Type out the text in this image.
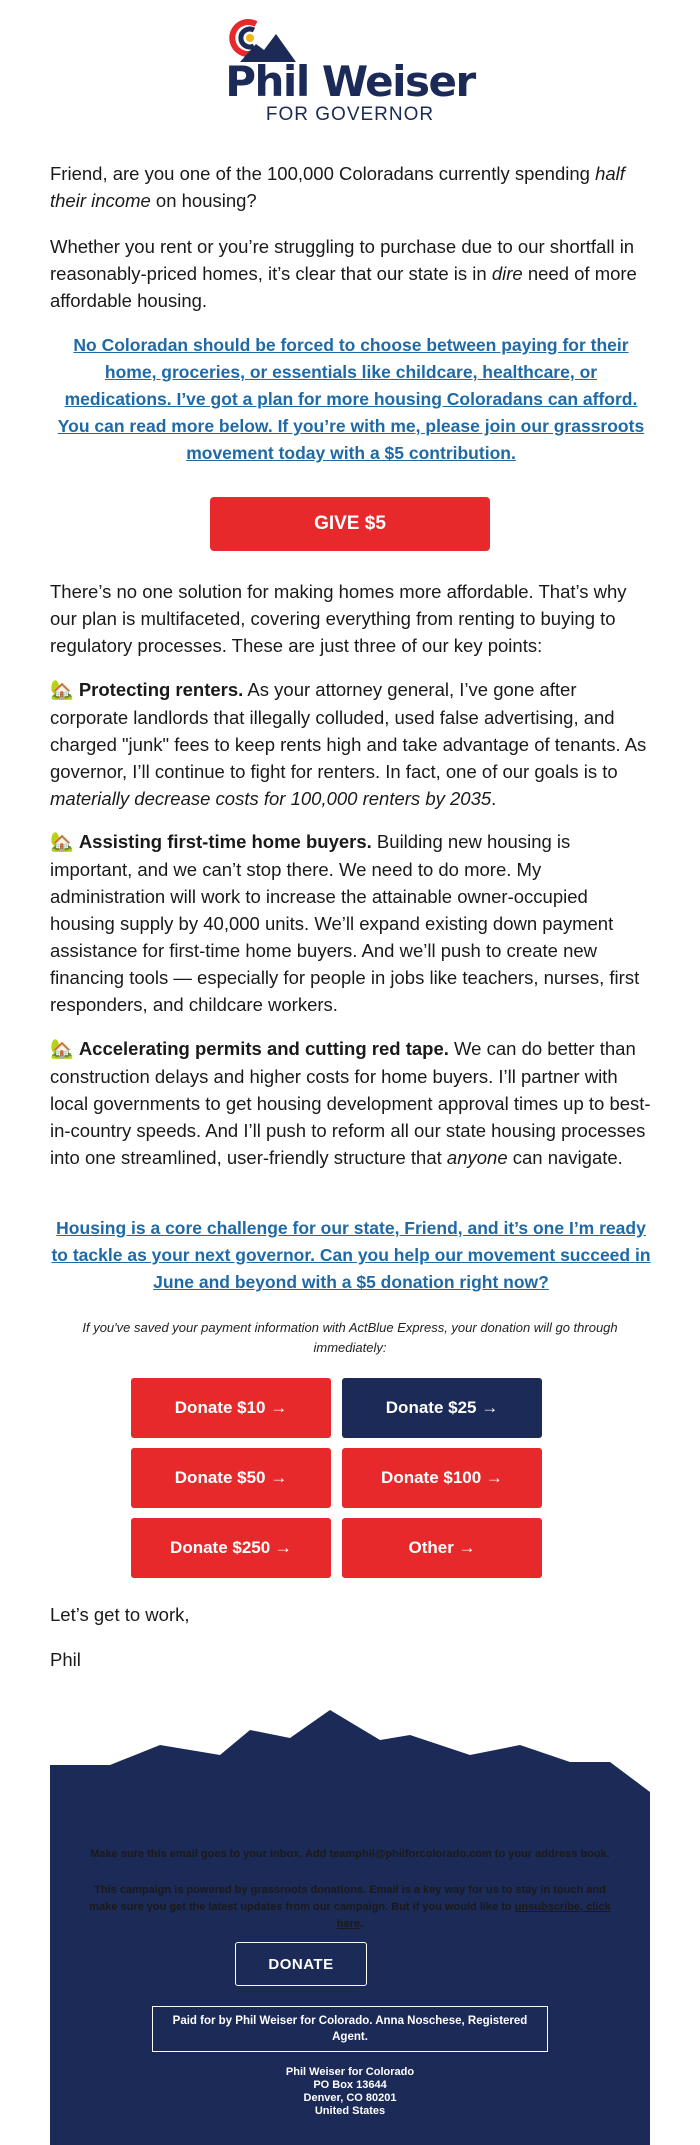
Phil Weiser
FOR GOVERNOR

Friend, are you one of the 100,000 Coloradans currently spending half their income on housing?

Whether you rent or you’re struggling to purchase due to our shortfall in reasonably-priced homes, it’s clear that our state is in dire need of more affordable housing.

No Coloradan should be forced to choose between paying for their home, groceries, or essentials like childcare, healthcare, or medications. I’ve got a plan for more housing Coloradans can afford. You can read more below. If you’re with me, please join our grassroots movement today with a $5 contribution.

GIVE $5

There’s no one solution for making homes more affordable. That’s why our plan is multifaceted, covering everything from renting to buying to regulatory processes. These are just three of our key points:

🏡 Protecting renters. As your attorney general, I’ve gone after corporate landlords that illegally colluded, used false advertising, and charged "junk" fees to keep rents high and take advantage of tenants. As governor, I’ll continue to fight for renters. In fact, one of our goals is to materially decrease costs for 100,000 renters by 2035.

🏡 Assisting first-time home buyers. Building new housing is important, and we can’t stop there. We need to do more. My administration will work to increase the attainable owner-occupied housing supply by 40,000 units. We’ll expand existing down payment assistance for first-time home buyers. And we’ll push to create new financing tools — especially for people in jobs like teachers, nurses, first responders, and childcare workers.

🏡 Accelerating permits and cutting red tape. We can do better than construction delays and higher costs for home buyers. I’ll partner with local governments to get housing development approval times up to best-in-country speeds. And I’ll push to reform all our state housing processes into one streamlined, user-friendly structure that anyone can navigate.

Housing is a core challenge for our state, Friend, and it’s one I’m ready to tackle as your next governor. Can you help our movement succeed in June and beyond with a $5 donation right now?

If you've saved your payment information with ActBlue Express, your donation will go through immediately:
Donate $10 →	Donate $25 →
Donate $50 →	Donate $100 →
Donate $250 →	Other →
Let’s get to work,
Phil
Make sure this email goes to your inbox. Add teamphil@philforcolorado.com to your address book.
This campaign is powered by grassroots donations. Email is a key way for us to stay in touch and make sure you get the latest updates from our campaign. But if you would like to unsubscribe, click here.
DONATE
Paid for by Phil Weiser for Colorado. Anna Noschese, Registered Agent.
Phil Weiser for Colorado
PO Box 13644
Denver, CO 80201
United States
